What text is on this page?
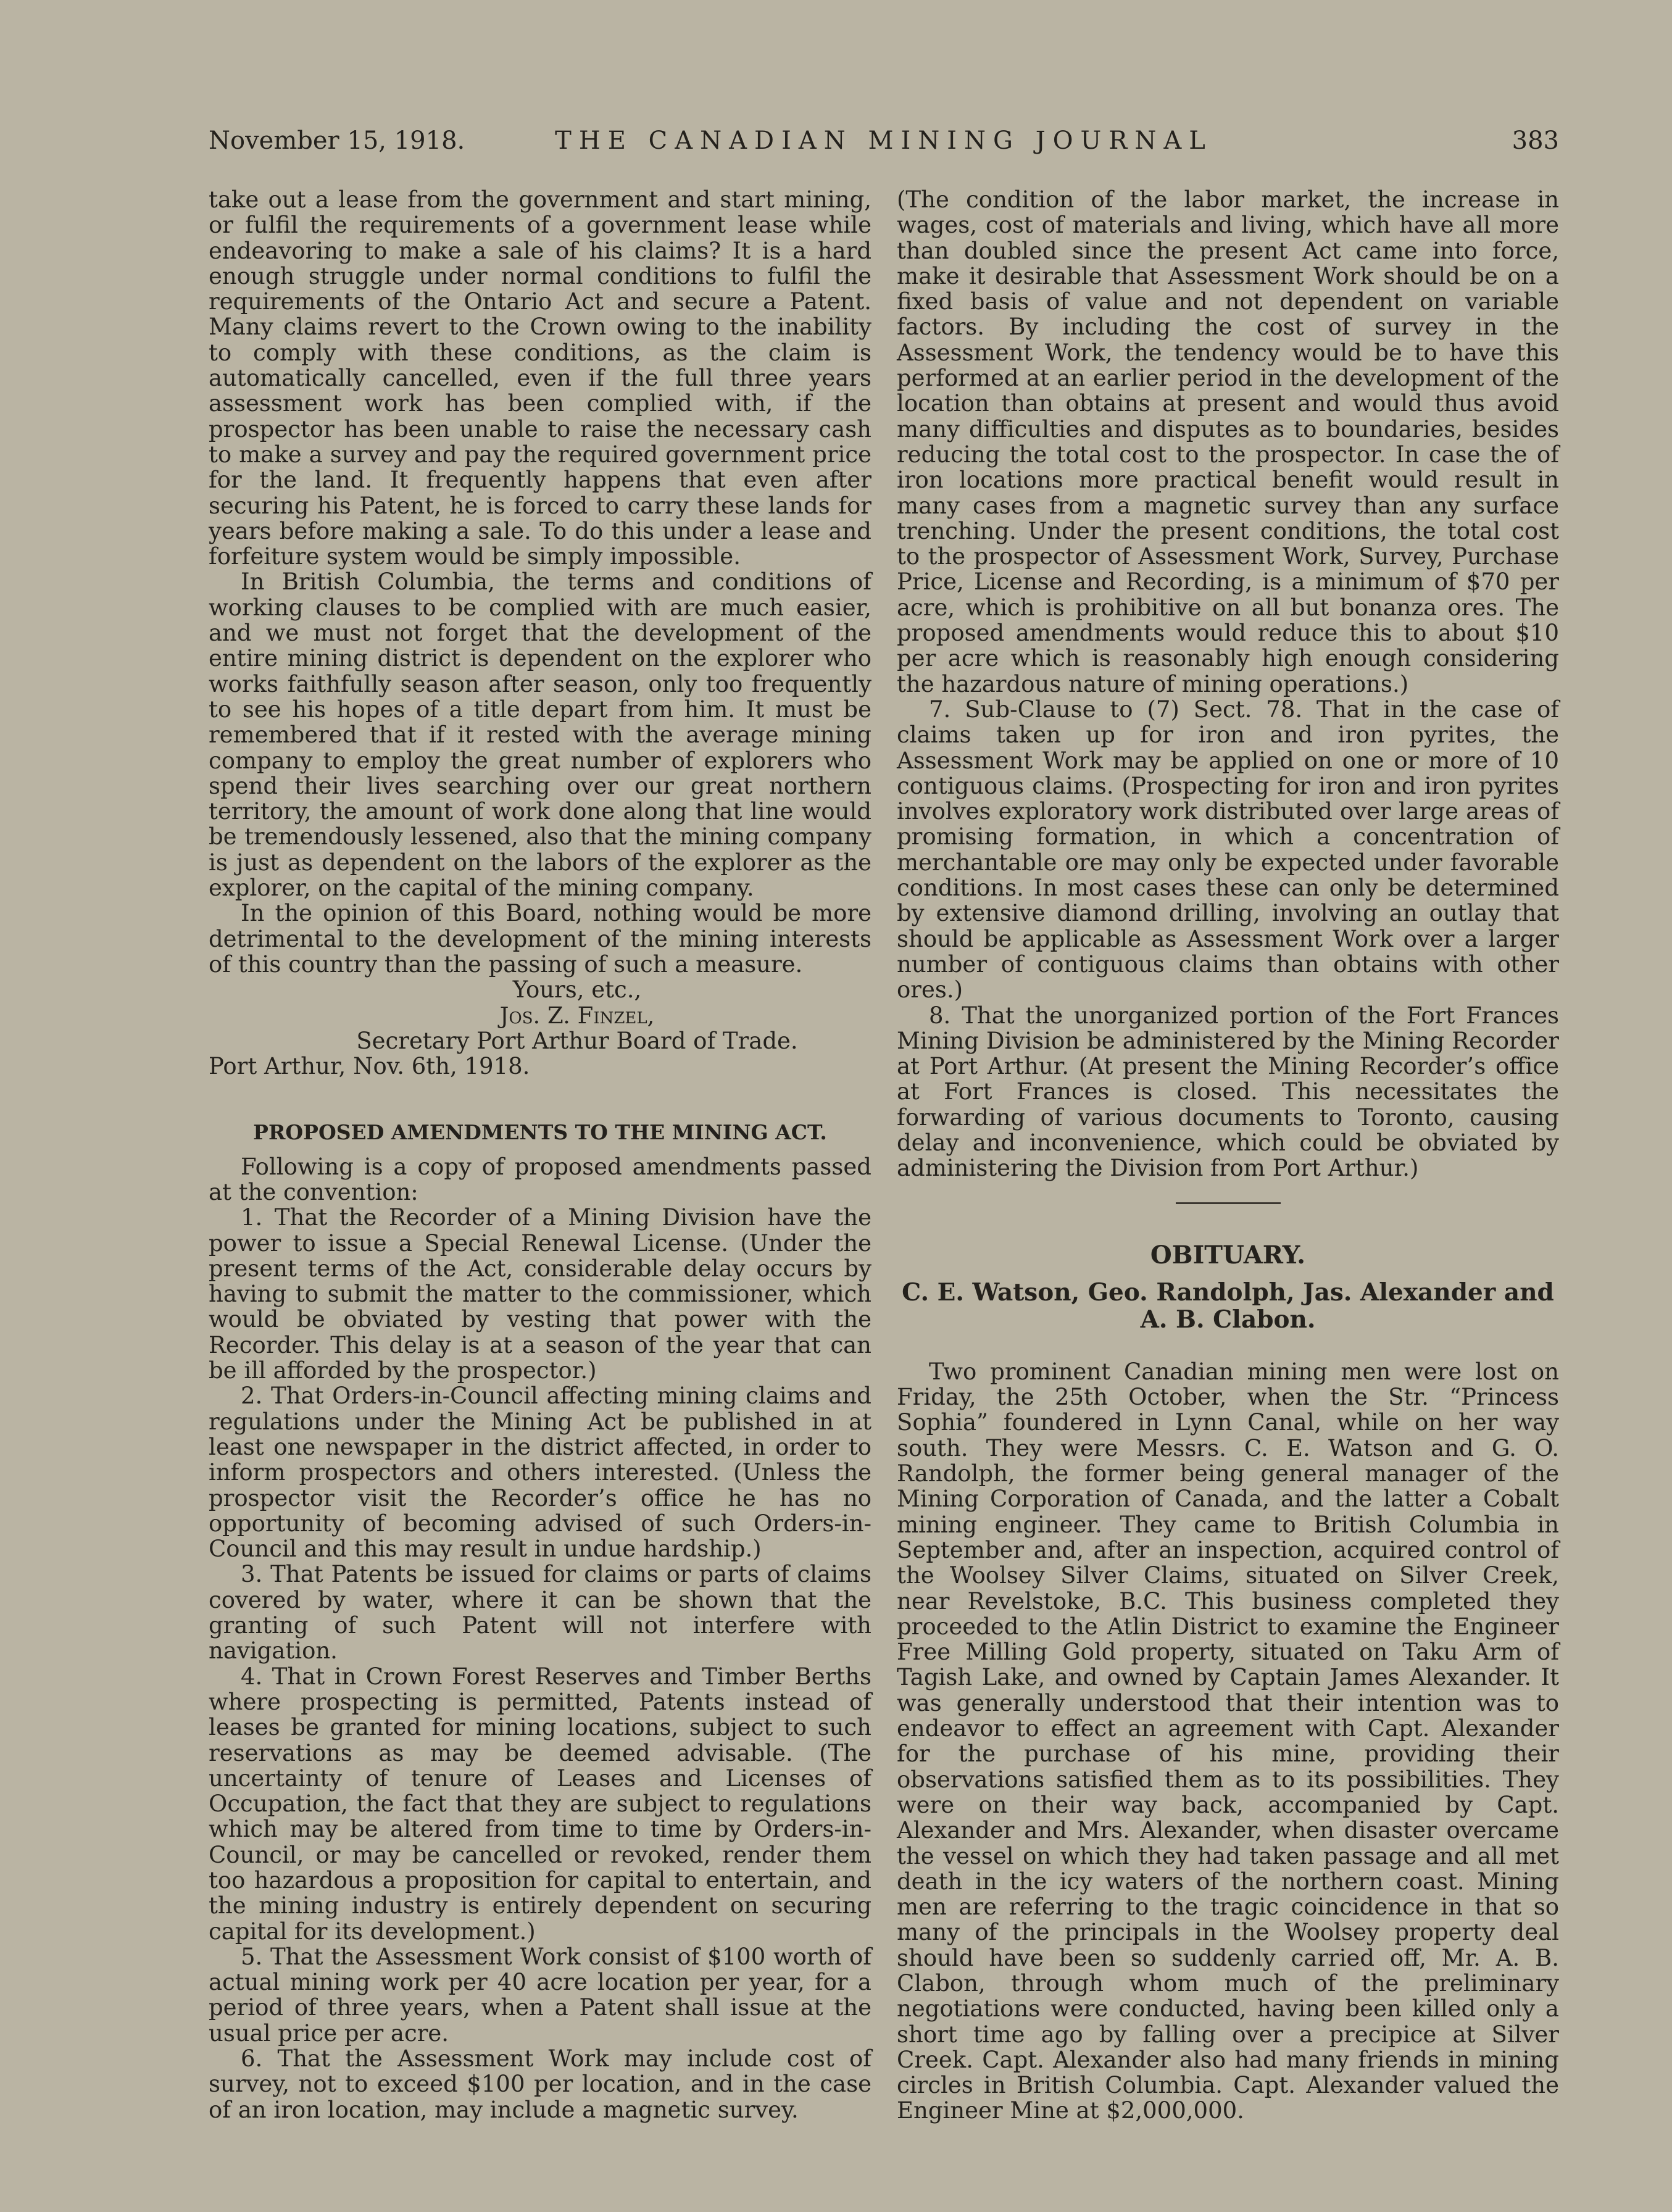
November 15, 1918.	THE CANADIAN MINING JOURNAL	383

take out a lease from the government and start mining, or fulfil the requirements of a government lease while endeavoring to make a sale of his claims? It is a hard enough struggle under normal conditions to fulfil the requirements of the Ontario Act and secure a Patent. Many claims revert to the Crown owing to the inability to comply with these conditions, as the claim is automatically cancelled, even if the full three years assessment work has been complied with, if the prospector has been unable to raise the necessary cash to make a survey and pay the required government price for the land. It frequently happens that even after securing his Patent, he is forced to carry these lands for years before making a sale. To do this under a lease and forfeiture system would be simply impossible.

In British Columbia, the terms and conditions of working clauses to be complied with are much easier, and we must not forget that the development of the entire mining district is dependent on the explorer who works faithfully season after season, only too frequently to see his hopes of a title depart from him. It must be remembered that if it rested with the average mining company to employ the great number of explorers who spend their lives searching over our great northern territory, the amount of work done along that line would be tremendously lessened, also that the mining company is just as dependent on the labors of the explorer as the explorer, on the capital of the mining company.

In the opinion of this Board, nothing would be more detrimental to the development of the mining interests of this country than the passing of such a measure.

Yours, etc.,

Jos. Z. Finzel,

Secretary Port Arthur Board of Trade.

Port Arthur, Nov. 6th, 1918.

PROPOSED AMENDMENTS TO THE MINING ACT.

Following is a copy of proposed amendments passed at the convention:

1. That the Recorder of a Mining Division have the power to issue a Special Renewal License. (Under the present terms of the Act, considerable delay occurs by having to submit the matter to the commissioner, which would be obviated by vesting that power with the Recorder. This delay is at a season of the year that can be ill afforded by the prospector.)

2. That Orders-in-Council affecting mining claims and regulations under the Mining Act be published in at least one newspaper in the district affected, in order to inform prospectors and others interested. (Unless the prospector visit the Recorder’s office he has no opportunity of becoming advised of such Orders-in-Council and this may result in undue hardship.)

3. That Patents be issued for claims or parts of claims covered by water, where it can be shown that the granting of such Patent will not interfere with navigation.

4. That in Crown Forest Reserves and Timber Berths where prospecting is permitted, Patents instead of leases be granted for mining locations, subject to such reservations as may be deemed advisable. (The uncertainty of tenure of Leases and Licenses of Occupation, the fact that they are subject to regulations which may be altered from time to time by Orders-in-Council, or may be cancelled or revoked, render them too hazardous a proposition for capital to entertain, and the mining industry is entirely dependent on securing capital for its development.)

5. That the Assessment Work consist of $100 worth of actual mining work per 40 acre location per year, for a period of three years, when a Patent shall issue at the usual price per acre.

6. That the Assessment Work may include cost of survey, not to exceed $100 per location, and in the case of an iron location, may include a magnetic survey.

(The condition of the labor market, the increase in wages, cost of materials and living, which have all more than doubled since the present Act came into force, make it desirable that Assessment Work should be on a fixed basis of value and not dependent on variable factors. By including the cost of survey in the Assessment Work, the tendency would be to have this performed at an earlier period in the development of the location than obtains at present and would thus avoid many difficulties and disputes as to boundaries, besides reducing the total cost to the prospector. In case the of iron locations more practical benefit would result in many cases from a magnetic survey than any surface trenching. Under the present conditions, the total cost to the prospector of Assessment Work, Survey, Purchase Price, License and Recording, is a minimum of $70 per acre, which is prohibitive on all but bonanza ores. The proposed amendments would reduce this to about $10 per acre which is reasonably high enough considering the hazardous nature of mining operations.)

7. Sub-Clause to (7) Sect. 78. That in the case of claims taken up for iron and iron pyrites, the Assessment Work may be applied on one or more of 10 contiguous claims. (Prospecting for iron and iron pyrites involves exploratory work distributed over large areas of promising formation, in which a concentration of merchantable ore may only be expected under favorable conditions. In most cases these can only be determined by extensive diamond drilling, involving an outlay that should be applicable as Assessment Work over a larger number of contiguous claims than obtains with other ores.)

8. That the unorganized portion of the Fort Frances Mining Division be administered by the Mining Recorder at Port Arthur. (At present the Mining Recorder’s office at Fort Frances is closed. This necessitates the forwarding of various documents to Toronto, causing delay and inconvenience, which could be obviated by administering the Division from Port Arthur.)

OBITUARY.
C. E. Watson, Geo. Randolph, Jas. Alexander and A. B. Clabon.

Two prominent Canadian mining men were lost on Friday, the 25th October, when the Str. “Princess Sophia” foundered in Lynn Canal, while on her way south. They were Messrs. C. E. Watson and G. O. Randolph, the former being general manager of the Mining Corporation of Canada, and the latter a Cobalt mining engineer. They came to British Columbia in September and, after an inspection, acquired control of the Woolsey Silver Claims, situated on Silver Creek, near Revelstoke, B.C. This business completed they proceeded to the Atlin District to examine the Engineer Free Milling Gold property, situated on Taku Arm of Tagish Lake, and owned by Captain James Alexander. It was generally understood that their intention was to endeavor to effect an agreement with Capt. Alexander for the purchase of his mine, providing their observations satisfied them as to its possibilities. They were on their way back, accompanied by Capt. Alexander and Mrs. Alexander, when disaster overcame the vessel on which they had taken passage and all met death in the icy waters of the northern coast. Mining men are referring to the tragic coincidence in that so many of the principals in the Woolsey property deal should have been so suddenly carried off, Mr. A. B. Clabon, through whom much of the preliminary negotiations were conducted, having been killed only a short time ago by falling over a precipice at Silver Creek. Capt. Alexander also had many friends in mining circles in British Columbia. Capt. Alexander valued the Engineer Mine at $2,000,000.
